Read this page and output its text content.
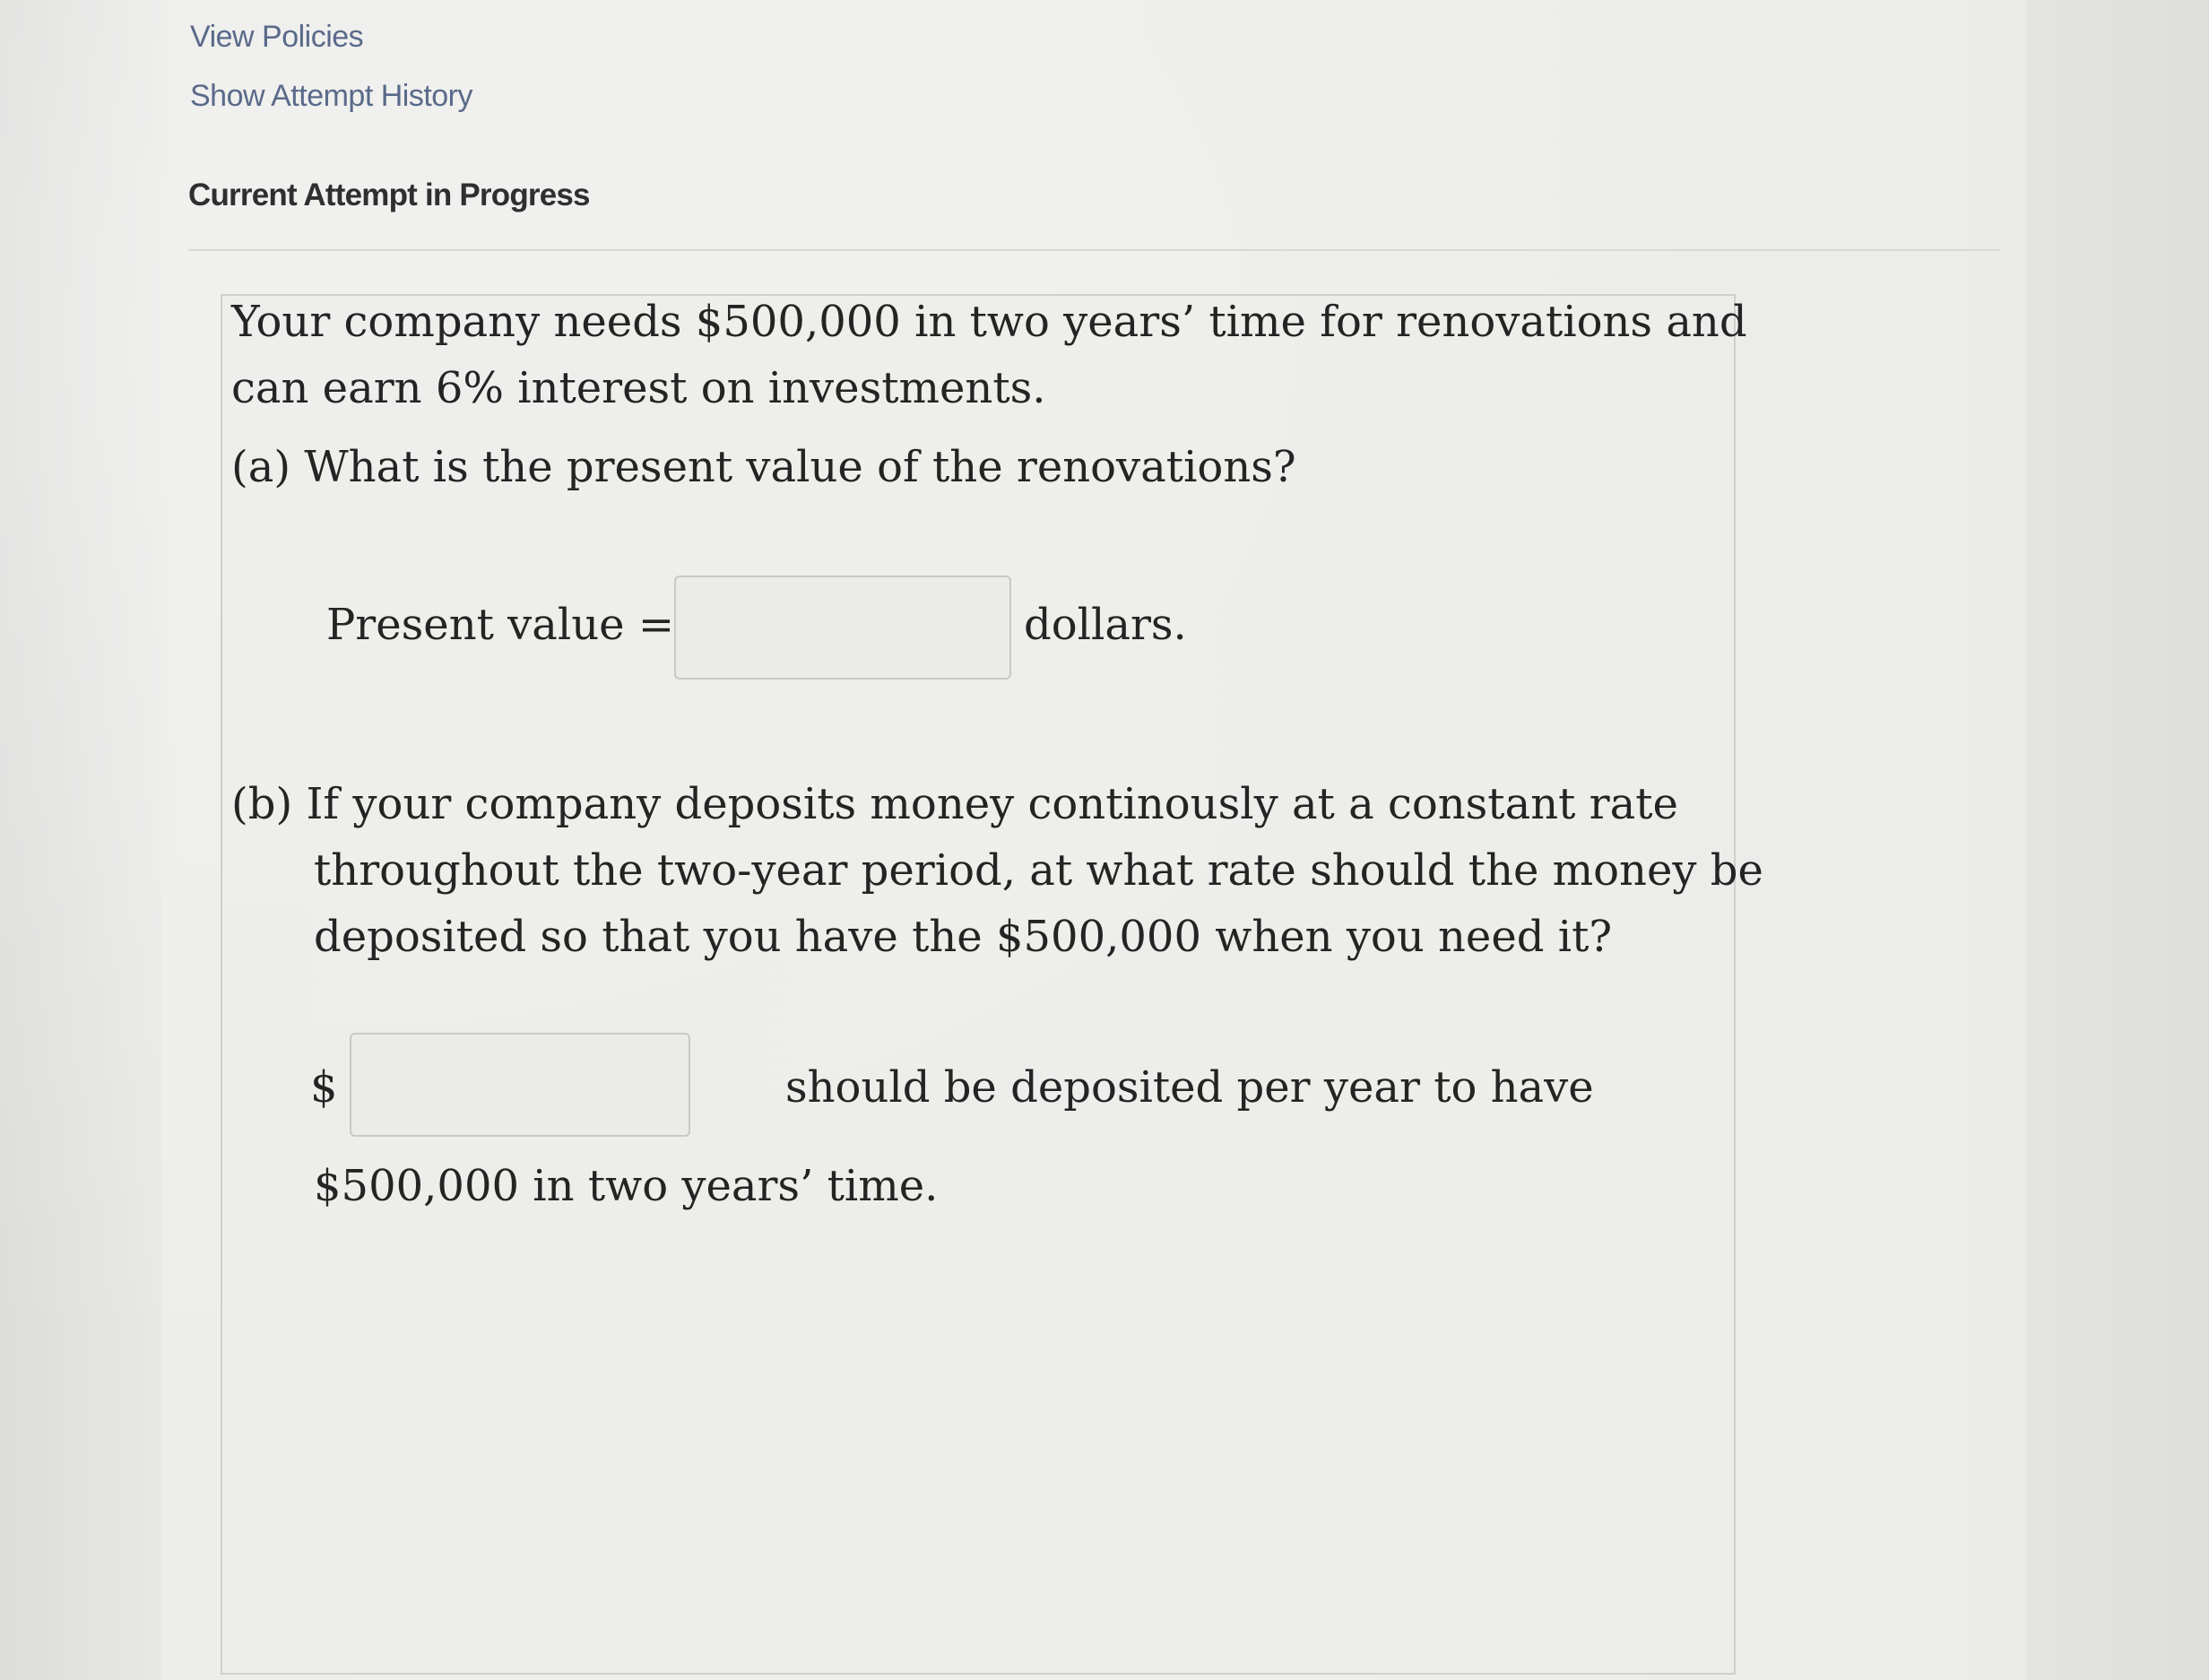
View Policies
Show Attempt History
Current Attempt in Progress
Your company needs $500,000 in two years’ time for renovations and
can earn 6% interest on investments.
(a) What is the present value of the renovations?
Present value =	dollars.
(b) If your company deposits money continously at a constant rate
throughout the two-year period, at what rate should the money be
deposited so that you have the $500,000 when you need it?
$	should be deposited per year to have
$500,000 in two years’ time.
